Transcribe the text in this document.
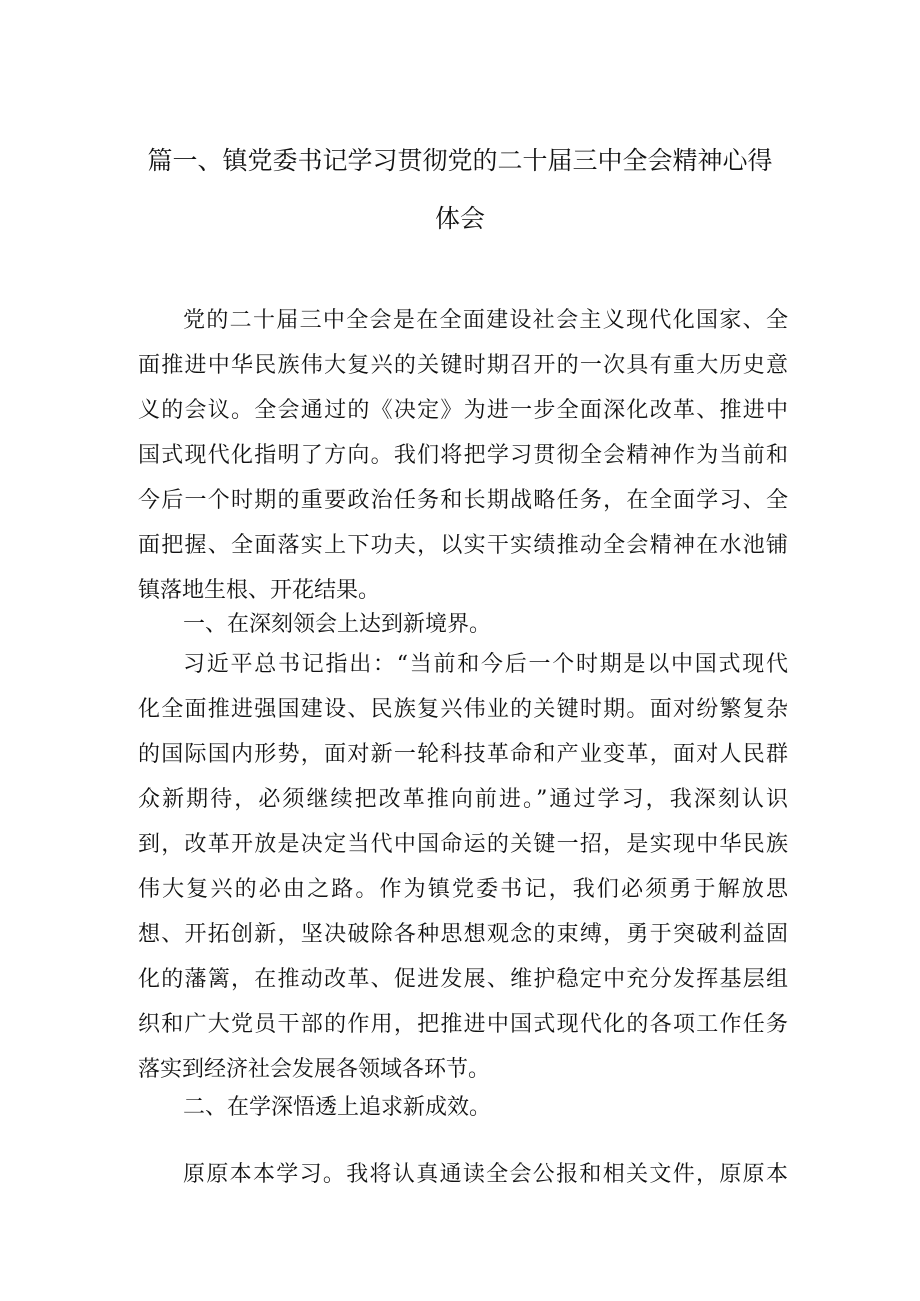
篇一、镇党委书记学习贯彻党的二十届三中全会精神心得
体会
党的二十届三中全会是在全面建设社会主义现代化国家、全
面推进中华民族伟大复兴的关键时期召开的一次具有重大历史意
义的会议。全会通过的《决定》为进一步全面深化改革、推进中
国式现代化指明了方向。我们将把学习贯彻全会精神作为当前和
今后一个时期的重要政治任务和长期战略任务，在全面学习、全
面把握、全面落实上下功夫，以实干实绩推动全会精神在水池铺
镇落地生根、开花结果。
一、在深刻领会上达到新境界。
习近平总书记指出：“当前和今后一个时期是以中国式现代
化全面推进强国建设、民族复兴伟业的关键时期。面对纷繁复杂
的国际国内形势，面对新一轮科技革命和产业变革，面对人民群
众新期待，必须继续把改革推向前进。”通过学习，我深刻认识
到，改革开放是决定当代中国命运的关键一招，是实现中华民族
伟大复兴的必由之路。作为镇党委书记，我们必须勇于解放思
想、开拓创新，坚决破除各种思想观念的束缚，勇于突破利益固
化的藩篱，在推动改革、促进发展、维护稳定中充分发挥基层组
织和广大党员干部的作用，把推进中国式现代化的各项工作任务
落实到经济社会发展各领域各环节。
二、在学深悟透上追求新成效。
原原本本学习。我将认真通读全会公报和相关文件，原原本
